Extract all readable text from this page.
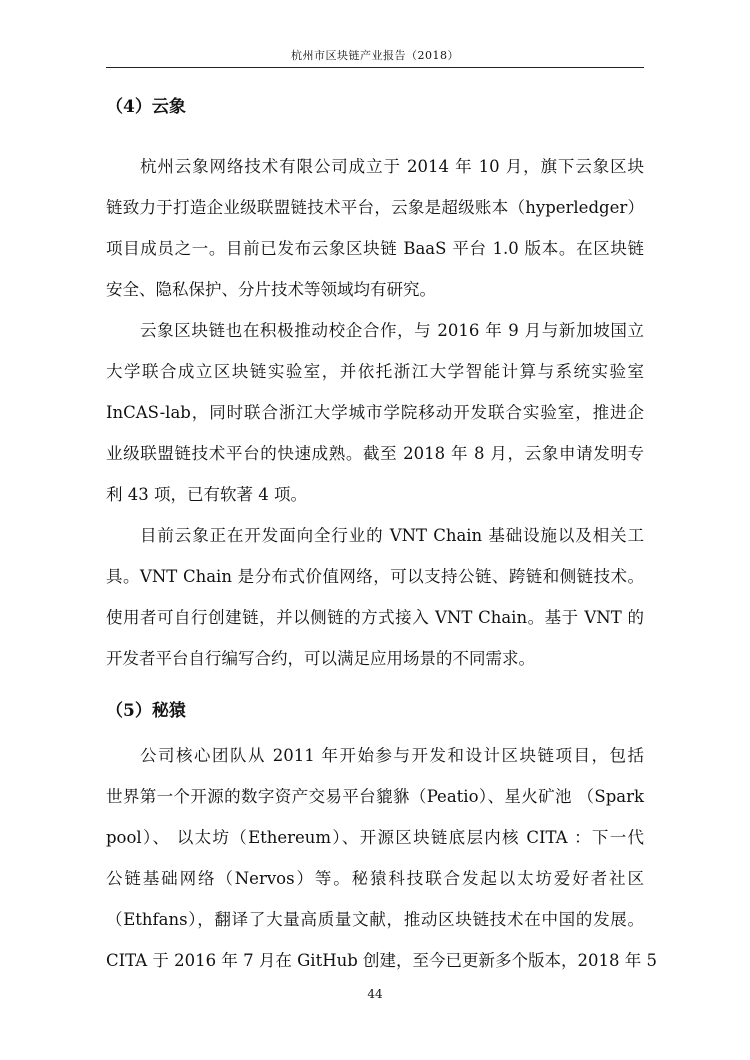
杭州市区块链产业报告（2018）
（4）云象
杭州云象网络技术有限公司成立于 2014 年 10 月，旗下云象区块
链致力于打造企业级联盟链技术平台，云象是超级账本（hyperledger）
项目成员之一。目前已发布云象区块链 BaaS 平台 1.0 版本。在区块链
安全、隐私保护、分片技术等领域均有研究。
云象区块链也在积极推动校企合作，与 2016 年 9 月与新加坡国立
大学联合成立区块链实验室，并依托浙江大学智能计算与系统实验室
InCAS-lab，同时联合浙江大学城市学院移动开发联合实验室，推进企
业级联盟链技术平台的快速成熟。截至 2018 年 8 月，云象申请发明专
利 43 项，已有软著 4 项。
目前云象正在开发面向全行业的 VNT Chain 基础设施以及相关工
具。VNT Chain 是分布式价值网络，可以支持公链、跨链和侧链技术。
使用者可自行创建链，并以侧链的方式接入 VNT Chain。基于 VNT 的
开发者平台自行编写合约，可以满足应用场景的不同需求。
（5）秘猿
公司核心团队从 2011 年开始参与开发和设计区块链项目，包括
世界第一个开源的数字资产交易平台貔貅（Peatio）、星火矿池 （Spark
pool）、 以太坊（Ethereum）、开源区块链底层内核 CITA ：下一代
公链基础网络（Nervos）等。秘猿科技联合发起以太坊爱好者社区
（Ethfans），翻译了大量高质量文献，推动区块链技术在中国的发展。
CITA 于 2016 年 7 月在 GitHub 创建，至今已更新多个版本，2018 年 5
44
